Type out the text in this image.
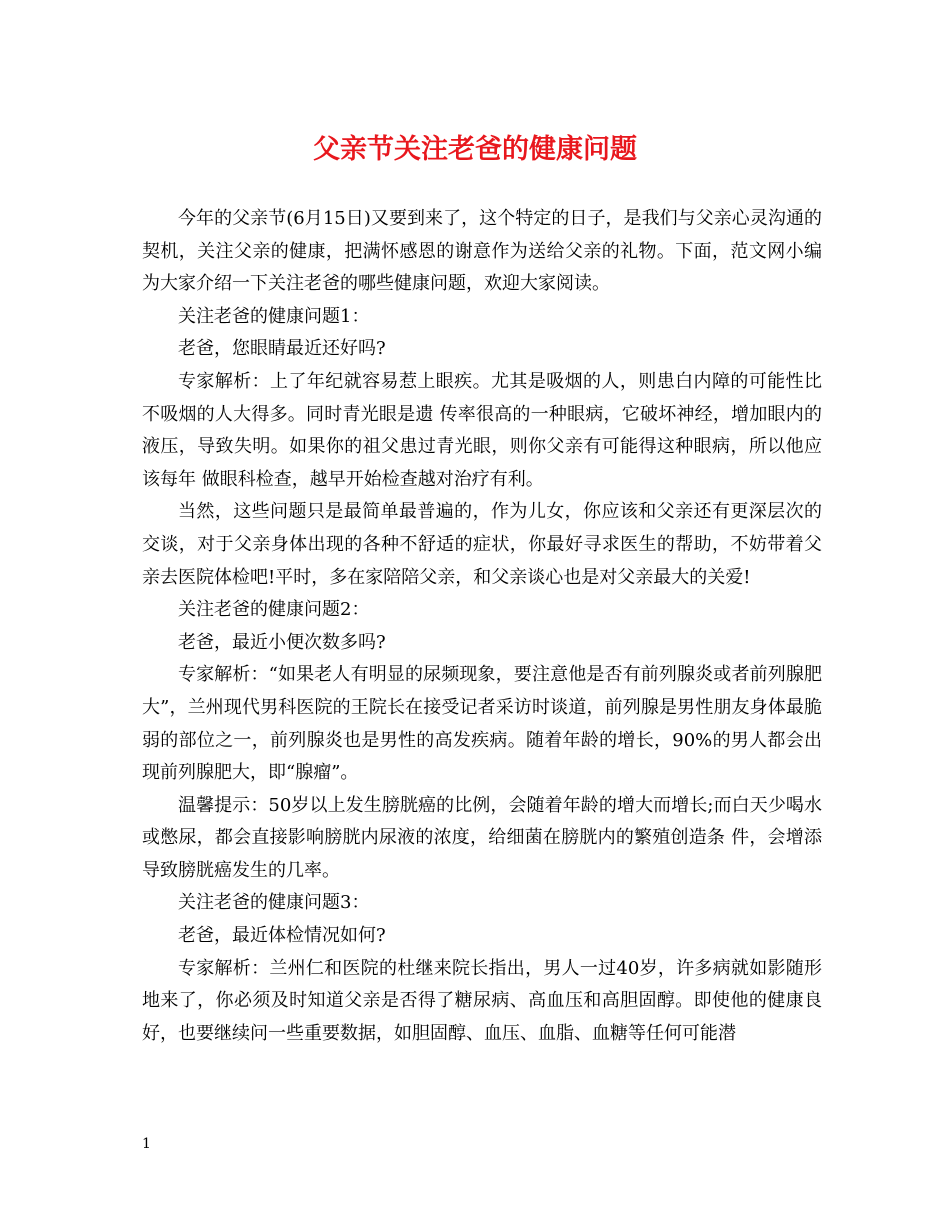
父亲节关注老爸的健康问题

今年的父亲节(6月15日)又要到来了，这个特定的日子，是我们与父亲心灵沟通的契机，关注父亲的健康，把满怀感恩的谢意作为送给父亲的礼物。下面，范文网小编为大家介绍一下关注老爸的哪些健康问题，欢迎大家阅读。

关注老爸的健康问题1：

老爸，您眼睛最近还好吗?

专家解析：上了年纪就容易惹上眼疾。尤其是吸烟的人，则患白内障的可能性比不吸烟的人大得多。同时青光眼是遗 传率很高的一种眼病，它破坏神经，增加眼内的液压，导致失明。如果你的祖父患过青光眼，则你父亲有可能得这种眼病，所以他应该每年 做眼科检查，越早开始检查越对治疗有利。

当然，这些问题只是最简单最普遍的，作为儿女，你应该和父亲还有更深层次的交谈，对于父亲身体出现的各种不舒适的症状，你最好寻求医生的帮助，不妨带着父亲去医院体检吧!平时，多在家陪陪父亲，和父亲谈心也是对父亲最大的关爱!

关注老爸的健康问题2：

老爸，最近小便次数多吗?

专家解析：“如果老人有明显的尿频现象，要注意他是否有前列腺炎或者前列腺肥大”，兰州现代男科医院的王院长在接受记者采访时谈道，前列腺是男性朋友身体最脆弱的部位之一，前列腺炎也是男性的高发疾病。随着年龄的增长，90%的男人都会出现前列腺肥大，即“腺瘤”。

温馨提示：50岁以上发生膀胱癌的比例，会随着年龄的增大而增长;而白天少喝水或憋尿，都会直接影响膀胱内尿液的浓度，给细菌在膀胱内的繁殖创造条 件，会增添导致膀胱癌发生的几率。

关注老爸的健康问题3：

老爸，最近体检情况如何?

专家解析：兰州仁和医院的杜继来院长指出，男人一过40岁，许多病就如影随形地来了，你必须及时知道父亲是否得了糖尿病、高血压和高胆固醇。即使他的健康良好，也要继续问一些重要数据，如胆固醇、血压、血脂、血糖等任何可能潜

1
